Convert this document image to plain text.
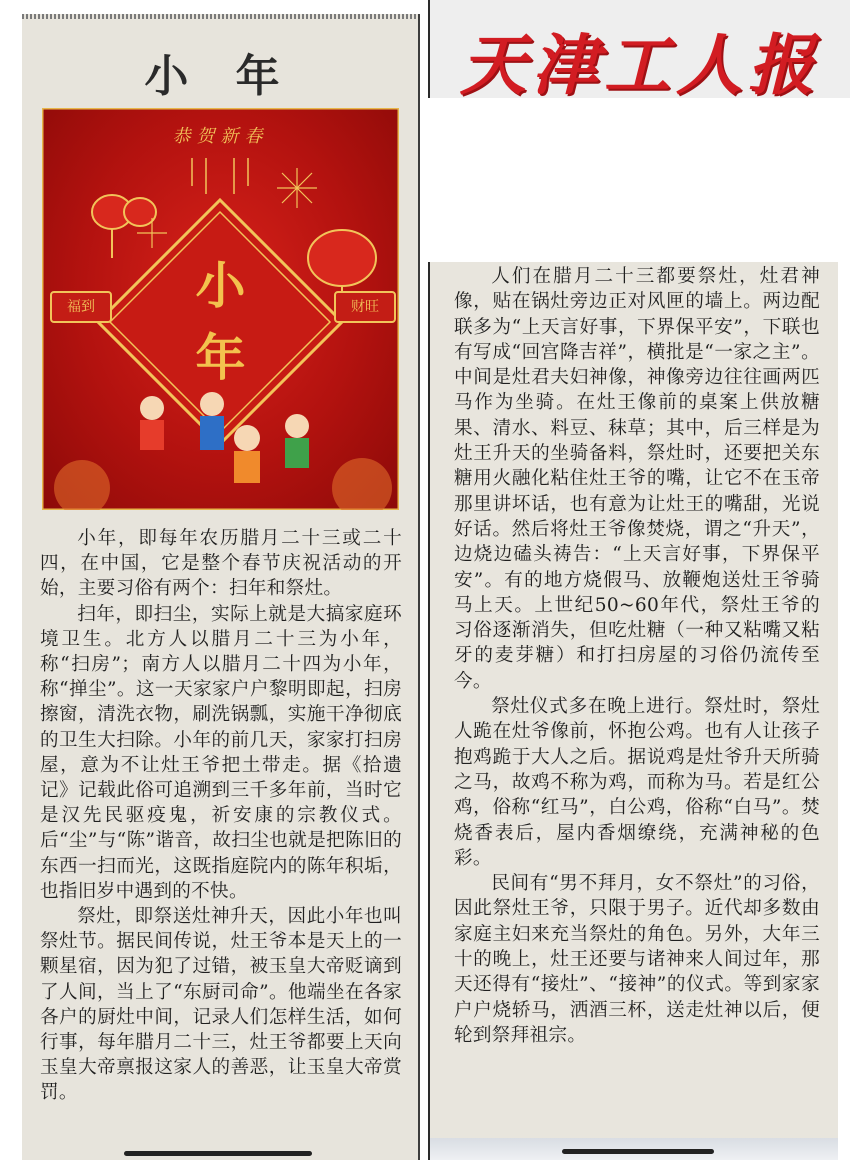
小 年
恭贺新春
小
年
福到	财旺

小年，即每年农历腊月二十三或二十四，在中国，它是整个春节庆祝活动的开始，主要习俗有两个：扫年和祭灶。

扫年，即扫尘，实际上就是大搞家庭环境卫生。北方人以腊月二十三为小年，称“扫房”；南方人以腊月二十四为小年，称“掸尘”。这一天家家户户黎明即起，扫房擦窗，清洗衣物，刷洗锅瓢，实施干净彻底的卫生大扫除。小年的前几天，家家打扫房屋，意为不让灶王爷把土带走。据《拾遗记》记载此俗可追溯到三千多年前，当时它是汉先民驱疫鬼，祈安康的宗教仪式。后“尘”与“陈”谐音，故扫尘也就是把陈旧的东西一扫而光，这既指庭院内的陈年积垢，也指旧岁中遇到的不快。

祭灶，即祭送灶神升天，因此小年也叫祭灶节。据民间传说，灶王爷本是天上的一颗星宿，因为犯了过错，被玉皇大帝贬谪到了人间，当上了“东厨司命”。他端坐在各家各户的厨灶中间，记录人们怎样生活，如何行事，每年腊月二十三，灶王爷都要上天向玉皇大帝禀报这家人的善恶，让玉皇大帝赏罚。

天津工人报

人们在腊月二十三都要祭灶，灶君神像，贴在锅灶旁边正对风匣的墙上。两边配联多为“上天言好事，下界保平安”，下联也有写成“回宫降吉祥”，横批是“一家之主”。中间是灶君夫妇神像，神像旁边往往画两匹马作为坐骑。在灶王像前的桌案上供放糖果、清水、料豆、秣草；其中，后三样是为灶王升天的坐骑备料，祭灶时，还要把关东糖用火融化粘住灶王爷的嘴，让它不在玉帝那里讲坏话，也有意为让灶王的嘴甜，光说好话。然后将灶王爷像焚烧，谓之“升天”，边烧边磕头祷告：“上天言好事，下界保平安”。有的地方烧假马、放鞭炮送灶王爷骑马上天。上世纪50~60年代，祭灶王爷的习俗逐渐消失，但吃灶糖（一种又粘嘴又粘牙的麦芽糖）和打扫房屋的习俗仍流传至今。

祭灶仪式多在晚上进行。祭灶时，祭灶人跪在灶爷像前，怀抱公鸡。也有人让孩子抱鸡跪于大人之后。据说鸡是灶爷升天所骑之马，故鸡不称为鸡，而称为马。若是红公鸡，俗称“红马”，白公鸡，俗称“白马”。焚烧香表后，屋内香烟缭绕，充满神秘的色彩。

民间有“男不拜月，女不祭灶”的习俗，因此祭灶王爷，只限于男子。近代却多数由家庭主妇来充当祭灶的角色。另外，大年三十的晚上，灶王还要与诸神来人间过年，那天还得有“接灶”、“接神”的仪式。等到家家户户烧轿马，洒酒三杯，送走灶神以后，便轮到祭拜祖宗。
